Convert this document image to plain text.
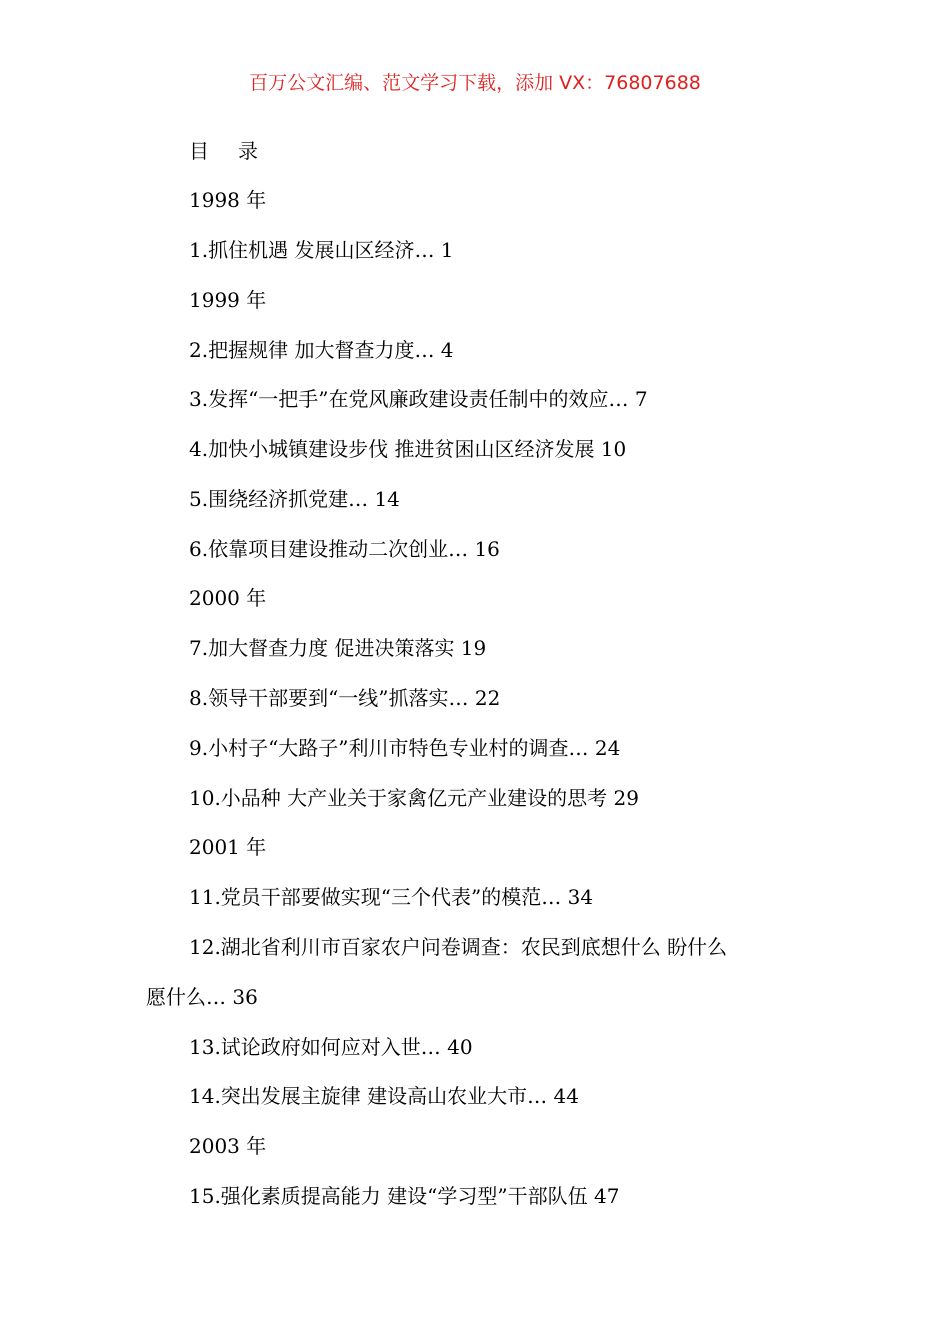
百万公文汇编、范文学习下载，添加 VX：76807688
目 录
1998 年
1.抓住机遇 发展山区经济… 1
1999 年
2.把握规律 加大督查力度… 4
3.发挥“一把手”在党风廉政建设责任制中的效应… 7
4.加快小城镇建设步伐 推进贫困山区经济发展 10
5.围绕经济抓党建… 14
6.依靠项目建设推动二次创业… 16
2000 年
7.加大督查力度 促进决策落实 19
8.领导干部要到“一线”抓落实… 22
9.小村子“大路子”利川市特色专业村的调查… 24
10.小品种 大产业关于家禽亿元产业建设的思考 29
2001 年
11.党员干部要做实现“三个代表”的模范… 34
12.湖北省利川市百家农户问卷调查：农民到底想什么 盼什么
愿什么… 36
13.试论政府如何应对入世… 40
14.突出发展主旋律 建设高山农业大市… 44
2003 年
15.强化素质提高能力 建设“学习型”干部队伍 47
